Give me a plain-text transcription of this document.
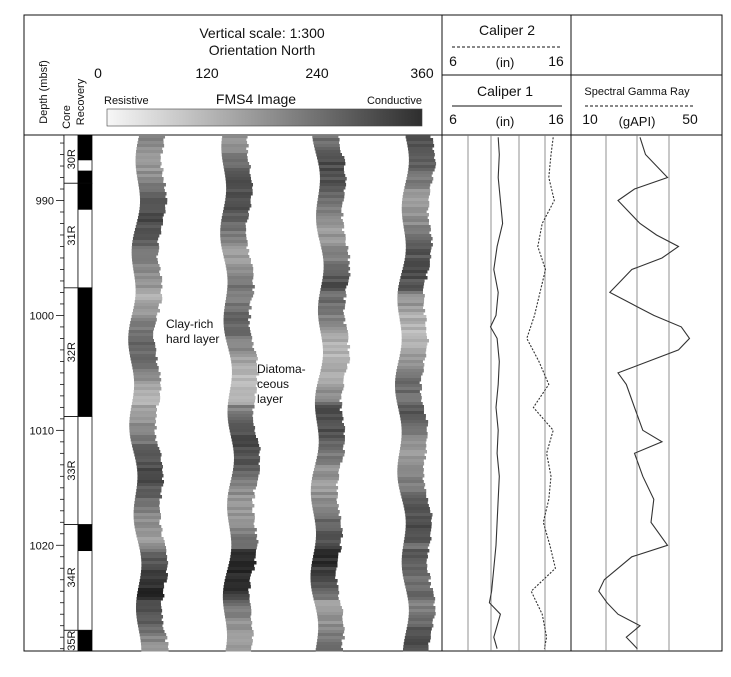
Depth (mbsf) Core Recovery
Vertical scale: 1:300
Orientation North
0	120	240	360
Resistive	FMS4 Image	Conductive
Caliper 2
6	(in) 16
Caliper 1
6	(in) 16
Spectral Gamma Ray
10 (gAPI) 50
990
1000
1010
1020
30R
31R
32R
33R
34R
35R
Clay-rich
hard layer
Diatoma-
ceous
layer
